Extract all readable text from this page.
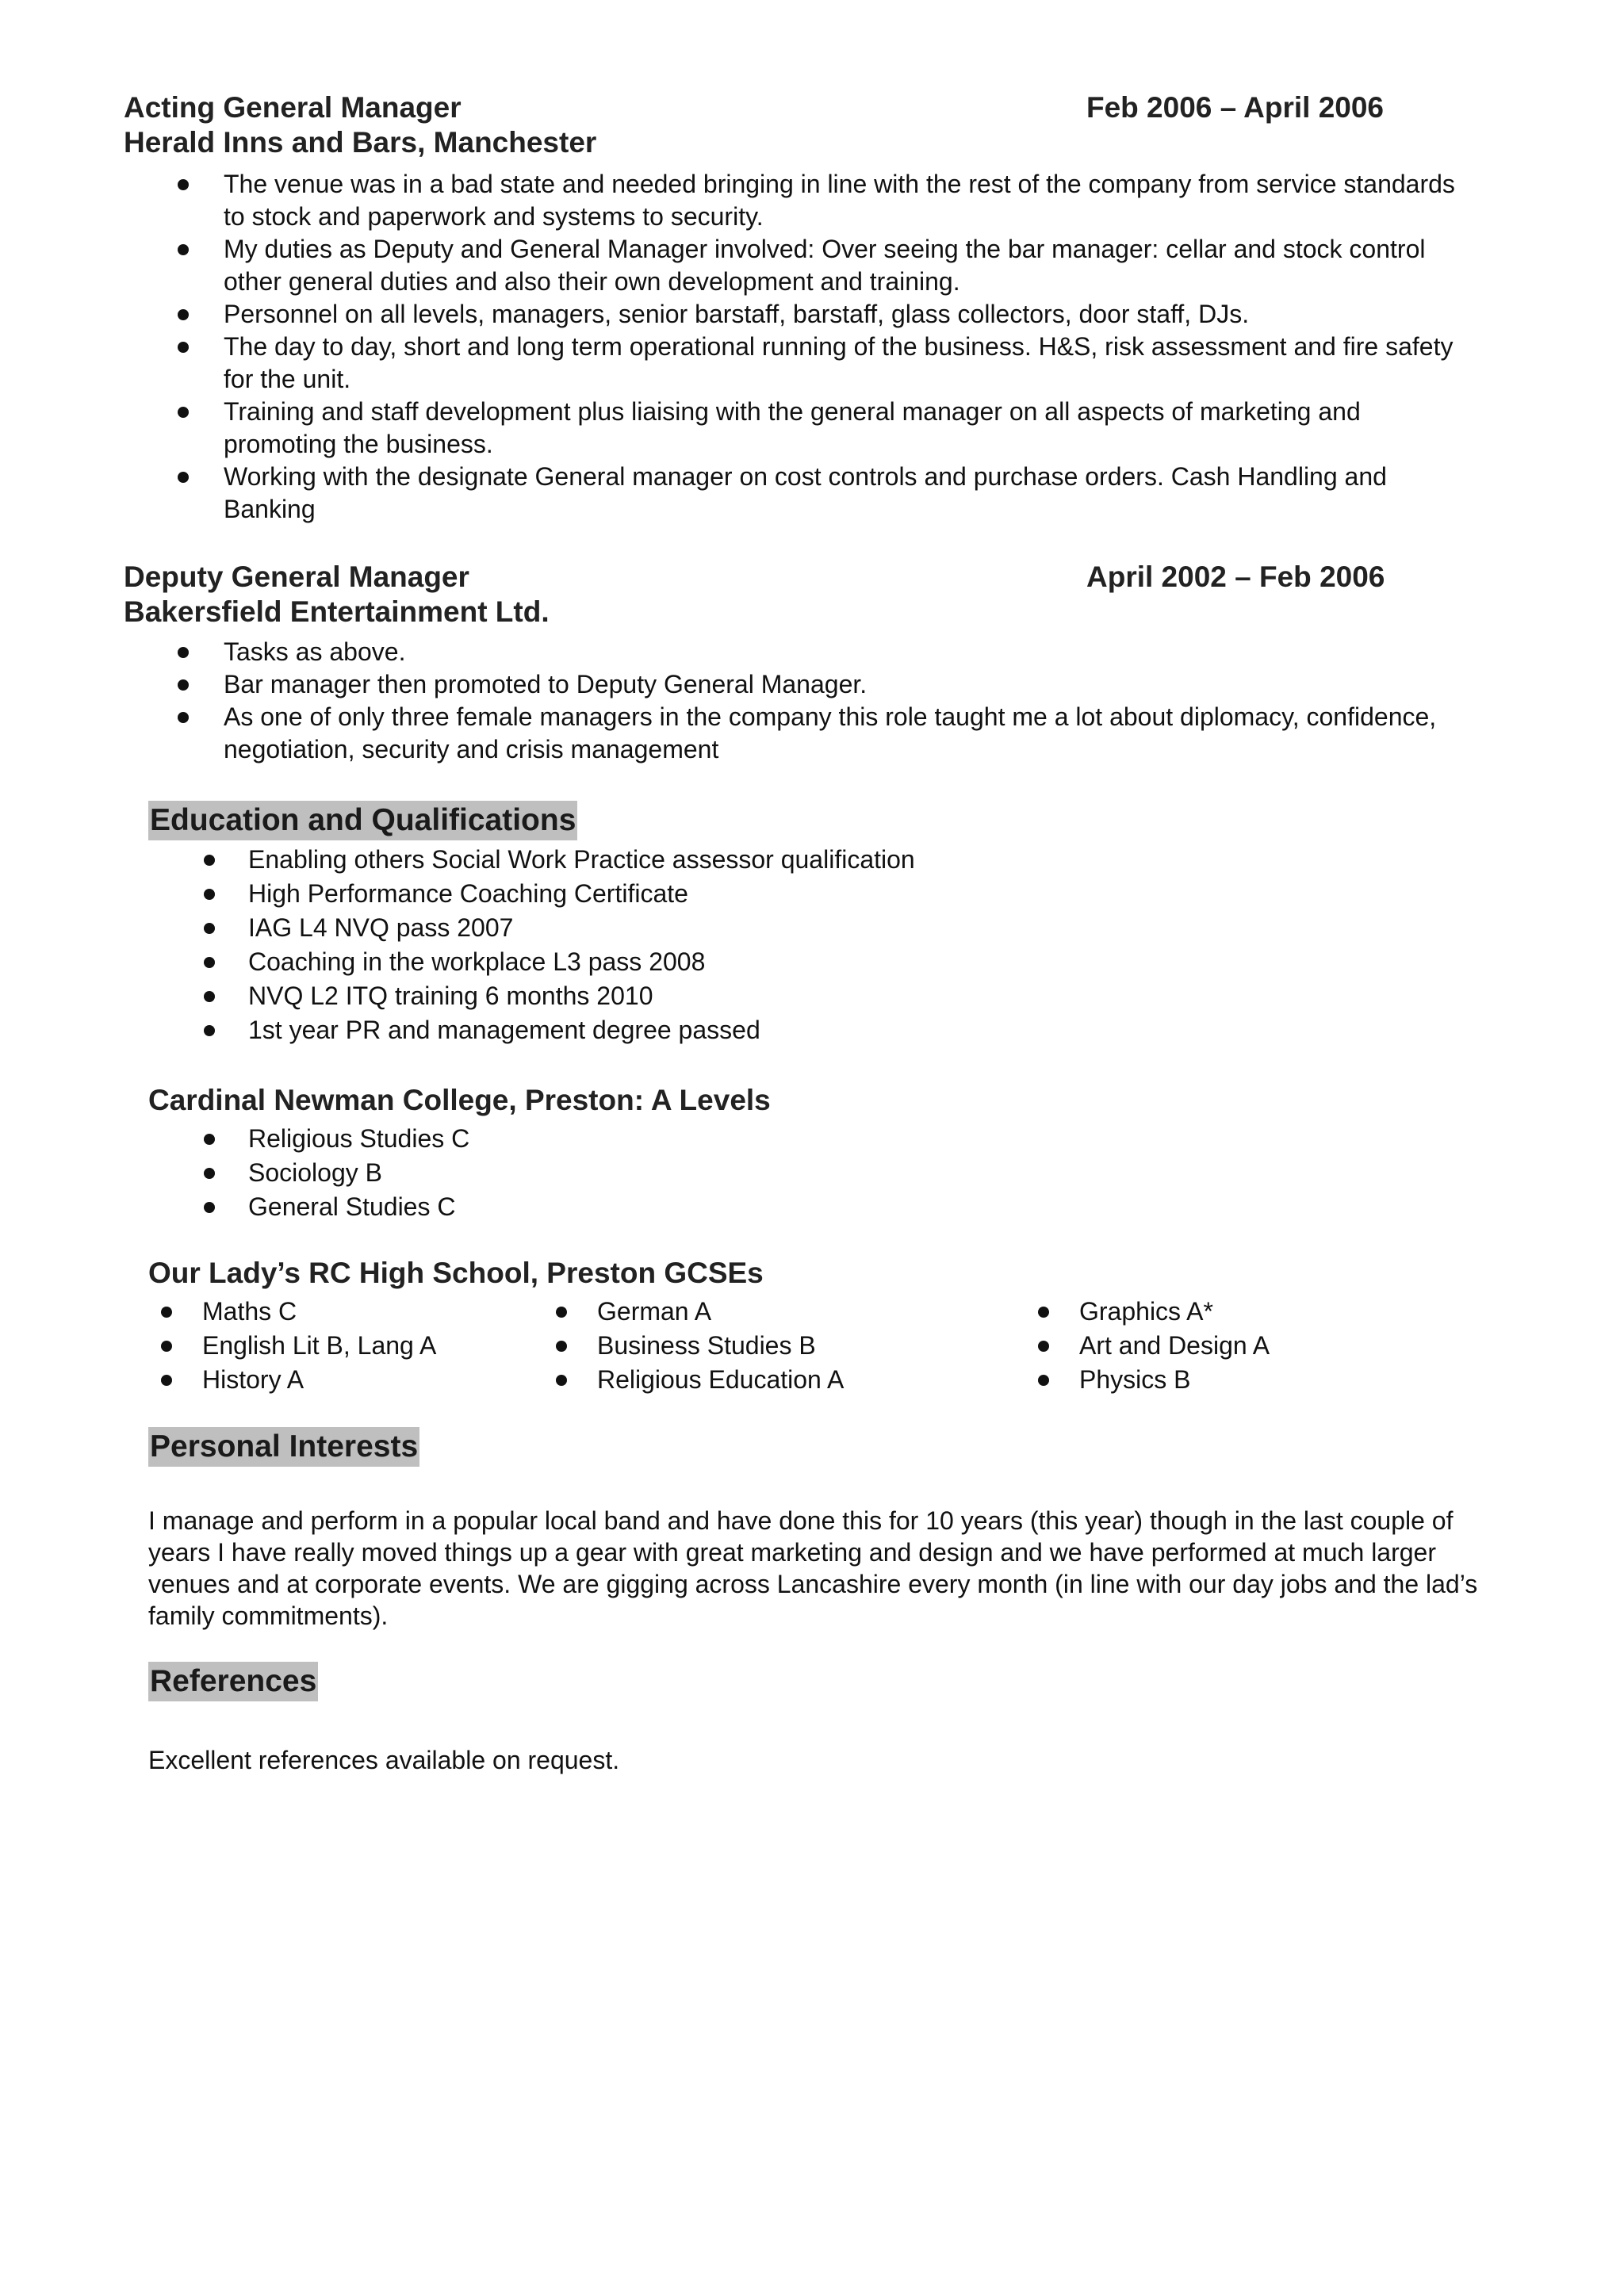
Acting General Manager	Feb 2006 – April 2006
Herald Inns and Bars, Manchester
The venue was in a bad state and needed bringing in line with the rest of the company from service standards to stock and paperwork and systems to security.
My duties as Deputy and General Manager involved: Over seeing the bar manager: cellar and stock control other general duties and also their own development and training.
Personnel on all levels, managers, senior barstaff, barstaff, glass collectors, door staff, DJs.
The day to day, short and long term operational running of the business. H&S, risk assessment and fire safety for the unit.
Training and staff development plus liaising with the general manager on all aspects of marketing and promoting the business.
Working with the designate General manager on cost controls and purchase orders. Cash Handling and Banking
Deputy General Manager	April 2002 – Feb 2006
Bakersfield Entertainment Ltd.
Tasks as above.
Bar manager then promoted to Deputy General Manager.
As one of only three female managers in the company this role taught me a lot about diplomacy, confidence, negotiation, security and crisis management
Education and Qualifications
Enabling others Social Work Practice assessor qualification
High Performance Coaching Certificate
IAG L4 NVQ pass 2007
Coaching in the workplace L3 pass 2008
NVQ L2 ITQ training 6 months 2010
1st year PR and management degree passed
Cardinal Newman College, Preston: A Levels
Religious Studies C
Sociology B
General Studies C
Our Lady’s RC High School, Preston GCSEs
Maths C
English Lit B, Lang A
History A
German A
Business Studies B
Religious Education A
Graphics A*
Art and Design A
Physics B
Personal Interests

I manage and perform in a popular local band and have done this for 10 years (this year) though in the last couple of years I have really moved things up a gear with great marketing and design and we have performed at much larger venues and at corporate events. We are gigging across Lancashire every month (in line with our day jobs and the lad’s family commitments).

References

Excellent references available on request.
